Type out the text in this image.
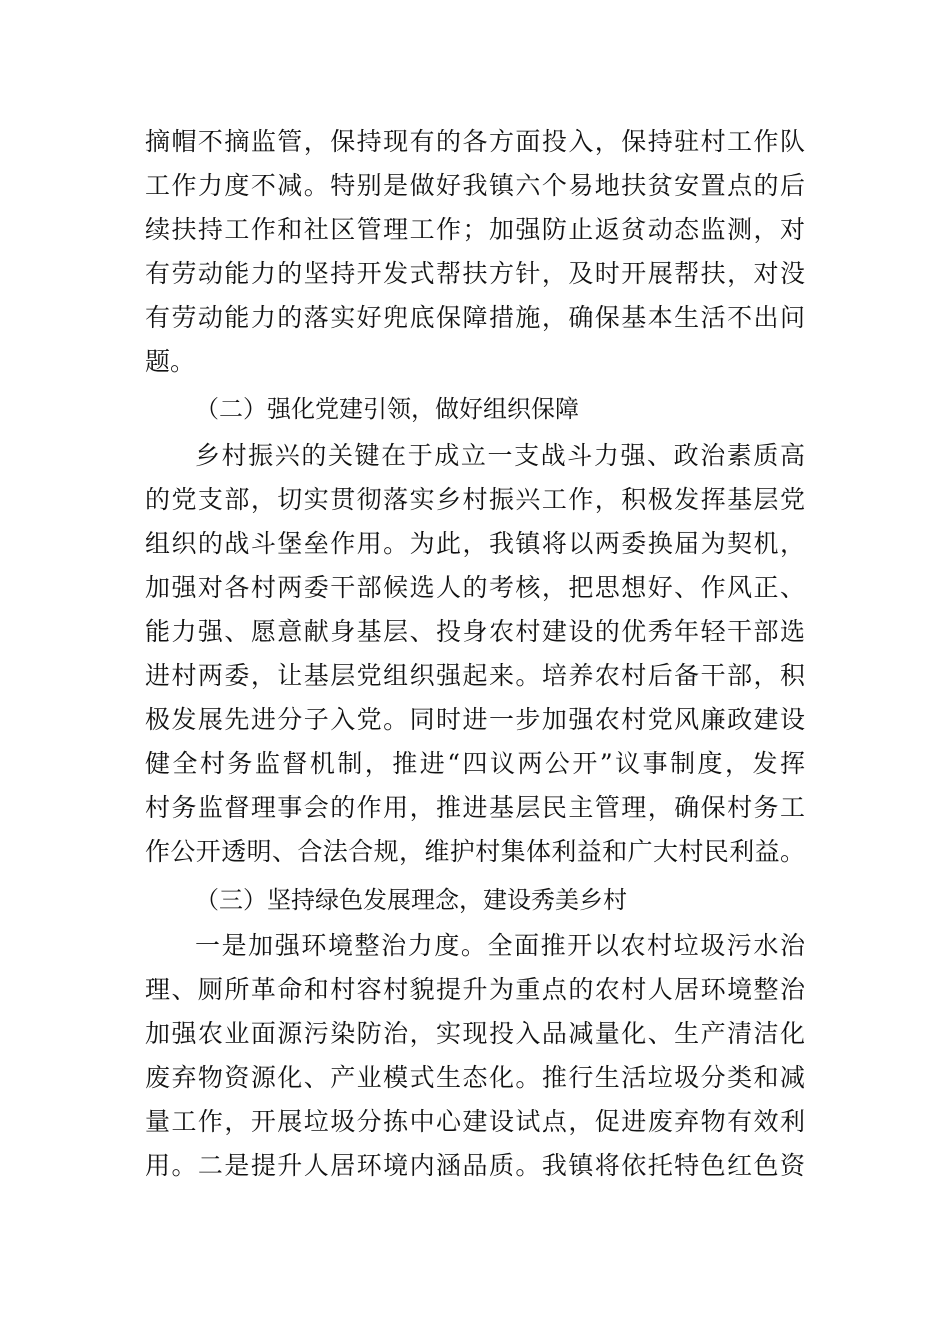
摘帽不摘监管，保持现有的各方面投入，保持驻村工作队
工作力度不减。特别是做好我镇六个易地扶贫安置点的后
续扶持工作和社区管理工作；加强防止返贫动态监测，对
有劳动能力的坚持开发式帮扶方针，及时开展帮扶，对没
有劳动能力的落实好兜底保障措施，确保基本生活不出问
题。
（二）强化党建引领，做好组织保障
乡村振兴的关键在于成立一支战斗力强、政治素质高
的党支部，切实贯彻落实乡村振兴工作，积极发挥基层党
组织的战斗堡垒作用。为此，我镇将以两委换届为契机，
加强对各村两委干部候选人的考核，把思想好、作风正、
能力强、愿意献身基层、投身农村建设的优秀年轻干部选
进村两委，让基层党组织强起来。培养农村后备干部，积
极发展先进分子入党。同时进一步加强农村党风廉政建设
健全村务监督机制，推进“四议两公开”议事制度，发挥
村务监督理事会的作用，推进基层民主管理，确保村务工
作公开透明、合法合规，维护村集体利益和广大村民利益。
（三）坚持绿色发展理念，建设秀美乡村
一是加强环境整治力度。全面推开以农村垃圾污水治
理、厕所革命和村容村貌提升为重点的农村人居环境整治
加强农业面源污染防治，实现投入品减量化、生产清洁化
废弃物资源化、产业模式生态化。推行生活垃圾分类和减
量工作，开展垃圾分拣中心建设试点，促进废弃物有效利
用。二是提升人居环境内涵品质。我镇将依托特色红色资
